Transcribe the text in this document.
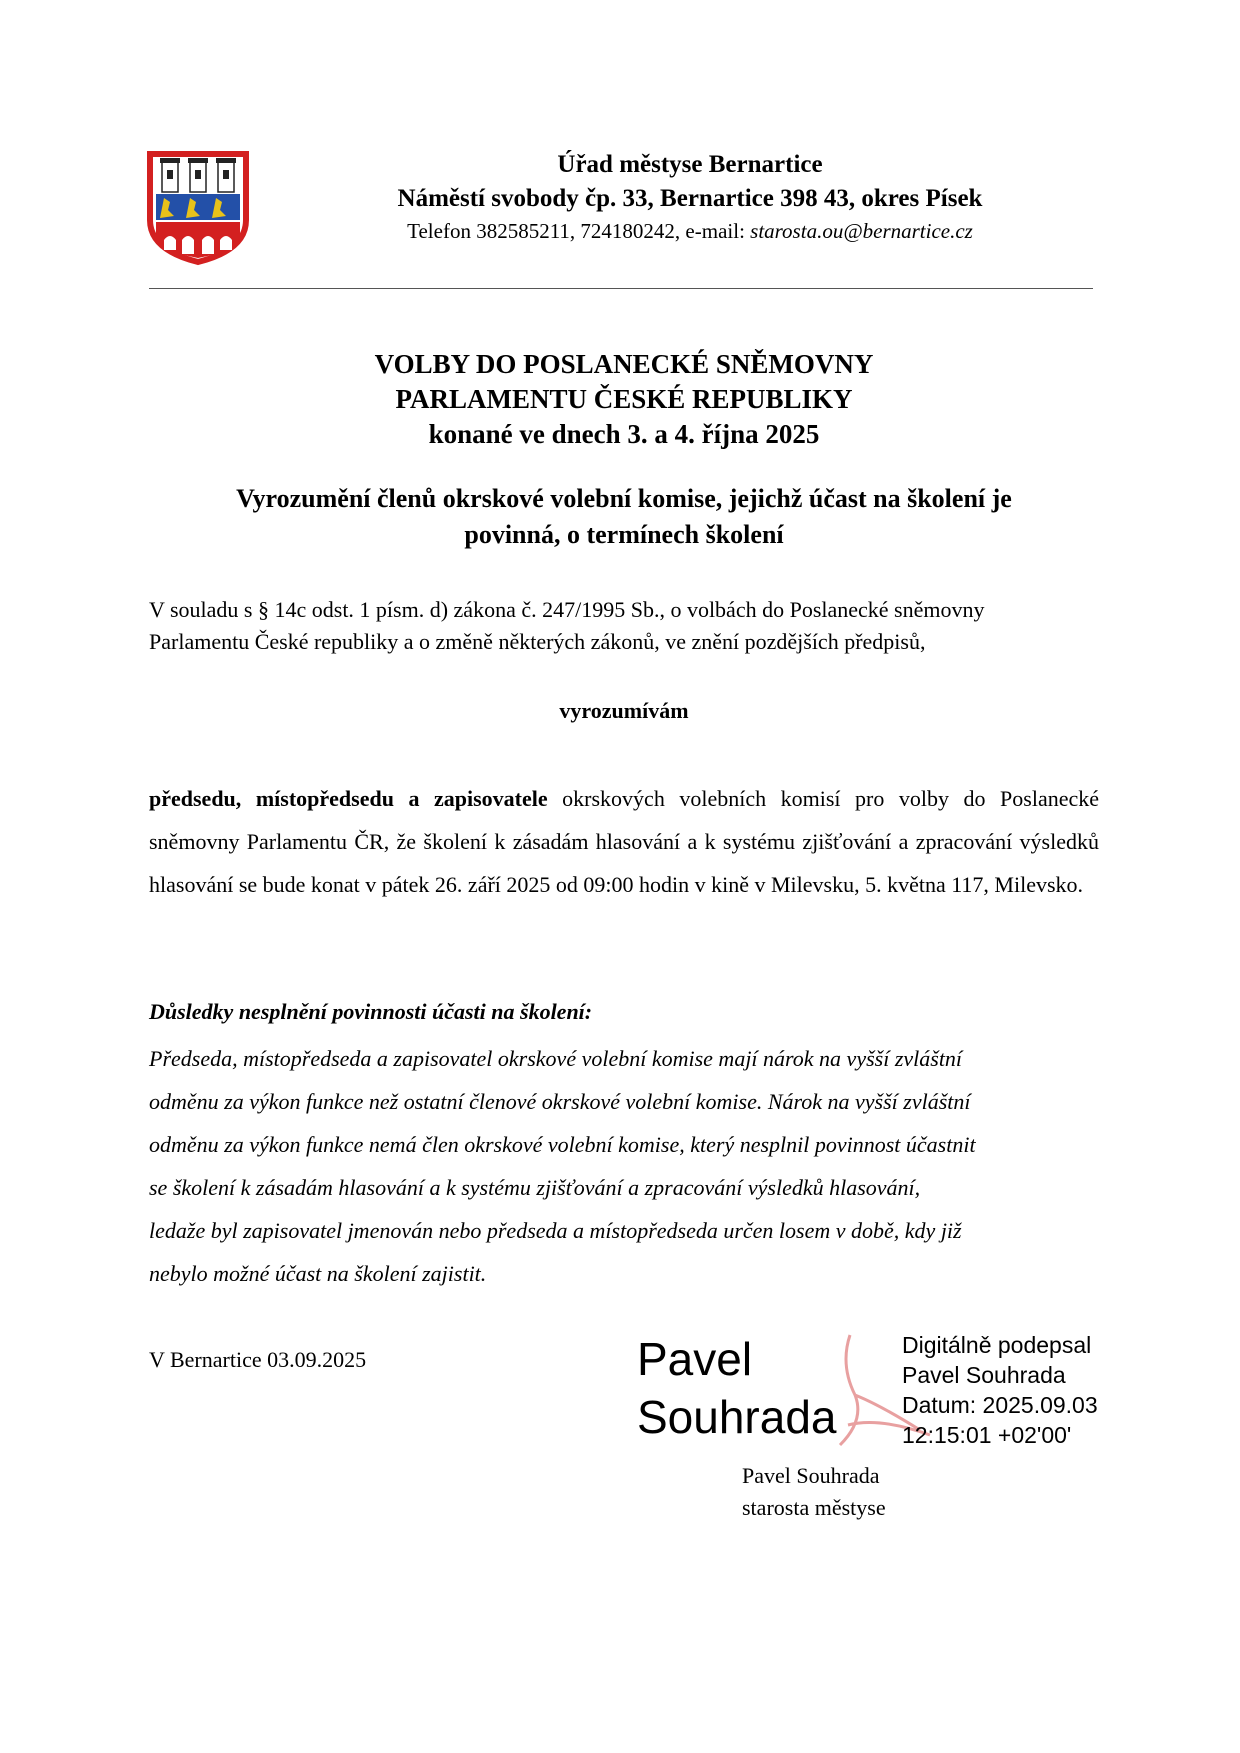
Úřad městyse Bernartice
Náměstí svobody čp. 33, Bernartice 398 43, okres Písek
Telefon 382585211, 724180242, e-mail: starosta.ou@bernartice.cz
VOLBY DO POSLANECKÉ SNĚMOVNY
PARLAMENTU ČESKÉ REPUBLIKY
konané ve dnech 3. a 4. října 2025
Vyrozumění členů okrskové volební komise, jejichž účast na školení je
povinná, o termínech školení
V souladu s § 14c odst. 1 písm. d) zákona č. 247/1995 Sb., o volbách do Poslanecké sněmovny
Parlamentu České republiky a o změně některých zákonů, ve znění pozdějších předpisů,
vyrozumívám
předsedu, místopředsedu a zapisovatele okrskových volebních komisí pro volby do Poslanecké sněmovny Parlamentu ČR, že školení k zásadám hlasování a k systému zjišťování a zpracování výsledků hlasování se bude konat v pátek 26. září 2025 od 09:00 hodin v kině v Milevsku, 5. května 117, Milevsko.
Důsledky nesplnění povinnosti účasti na školení:
Předseda, místopředseda a zapisovatel okrskové volební komise mají nárok na vyšší zvláštní
odměnu za výkon funkce než ostatní členové okrskové volební komise. Nárok na vyšší zvláštní
odměnu za výkon funkce nemá člen okrskové volební komise, který nesplnil povinnost účastnit
se školení k zásadám hlasování a k systému zjišťování a zpracování výsledků hlasování,
ledaže byl zapisovatel jmenován nebo předseda a místopředseda určen losem v době, kdy již
nebylo možné účast na školení zajistit.
V Bernartice 03.09.2025	Pavel
Souhrada
Digitálně podepsal
Pavel Souhrada
Datum: 2025.09.03
12:15:01 +02'00'
Pavel Souhrada
starosta městyse
